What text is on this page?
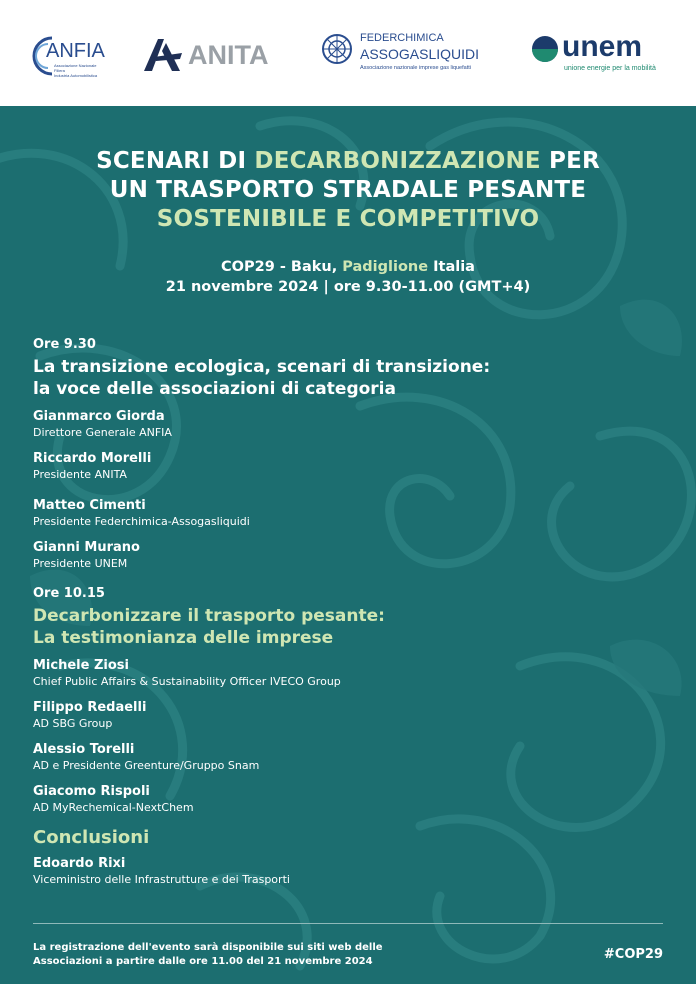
ANFIA
Associazione Nazionale
Filiera
Industria Automobilistica
ANITA
FEDERCHIMICA
ASSOGASLIQUIDI
Associazione nazionale imprese gas liquefatti
unem
unione energie per la mobilità
SCENARI DI DECARBONIZZAZIONE PER
UN TRASPORTO STRADALE PESANTE
SOSTENIBILE E COMPETITIVO
COP29 - Baku, Padiglione Italia
21 novembre 2024 | ore 9.30-11.00 (GMT+4)
Ore 9.30
La transizione ecologica, scenari di transizione:
la voce delle associazioni di categoria
Gianmarco Giorda
Direttore Generale ANFIA
Riccardo Morelli
Presidente ANITA
Matteo Cimenti
Presidente Federchimica-Assogasliquidi
Gianni Murano
Presidente UNEM
Ore 10.15
Decarbonizzare il trasporto pesante:
La testimonianza delle imprese
Michele Ziosi
Chief Public Affairs & Sustainability Officer IVECO Group
Filippo Redaelli
AD SBG Group
Alessio Torelli
AD e Presidente Greenture/Gruppo Snam
Giacomo Rispoli
AD MyRechemical-NextChem
Conclusioni
Edoardo Rixi
Viceministro delle Infrastrutture e dei Trasporti
La registrazione dell'evento sarà disponibile sui siti web delle
Associazioni a partire dalle ore 11.00 del 21 novembre 2024	#COP29
